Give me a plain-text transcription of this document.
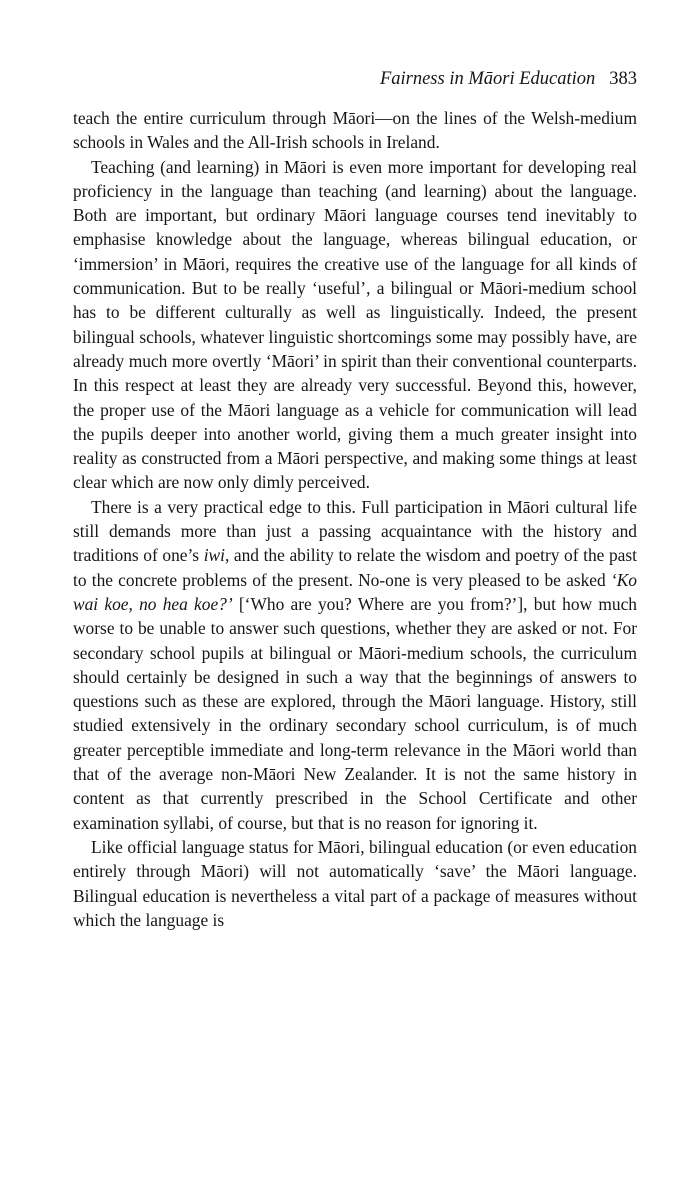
Fairness in Māori Education 383

teach the entire curriculum through Māori—on the lines of the Welsh-medium schools in Wales and the All-Irish schools in Ireland.

Teaching (and learning) in Māori is even more important for developing real proficiency in the language than teaching (and learning) about the language. Both are important, but ordinary Māori language courses tend inevitably to emphasise knowledge about the language, whereas bilingual education, or ‘immersion’ in Māori, requires the creative use of the language for all kinds of communication. But to be really ‘useful’, a bilingual or Māori-medium school has to be different culturally as well as linguistically. Indeed, the present bilingual schools, whatever linguistic shortcomings some may possibly have, are already much more overtly ‘Māori’ in spirit than their conventional counterparts. In this respect at least they are already very successful. Beyond this, however, the proper use of the Māori language as a vehicle for communication will lead the pupils deeper into another world, giving them a much greater insight into reality as constructed from a Māori perspective, and making some things at least clear which are now only dimly perceived.

There is a very practical edge to this. Full participation in Māori cultural life still demands more than just a passing acquaintance with the history and traditions of one’s iwi, and the ability to relate the wisdom and poetry of the past to the concrete problems of the present. No-one is very pleased to be asked ‘Ko wai koe, no hea koe?’ [‘Who are you? Where are you from?’], but how much worse to be unable to answer such questions, whether they are asked or not. For secondary school pupils at bilingual or Māori-medium schools, the curriculum should certainly be designed in such a way that the beginnings of answers to questions such as these are explored, through the Māori language. History, still studied extensively in the ordinary secondary school curriculum, is of much greater perceptible immediate and long-term relevance in the Māori world than that of the average non-Māori New Zealander. It is not the same history in content as that currently prescribed in the School Certificate and other examination syllabi, of course, but that is no reason for ignoring it.

Like official language status for Māori, bilingual education (or even education entirely through Māori) will not automatically ‘save’ the Māori language. Bilingual education is nevertheless a vital part of a package of measures without which the language is
